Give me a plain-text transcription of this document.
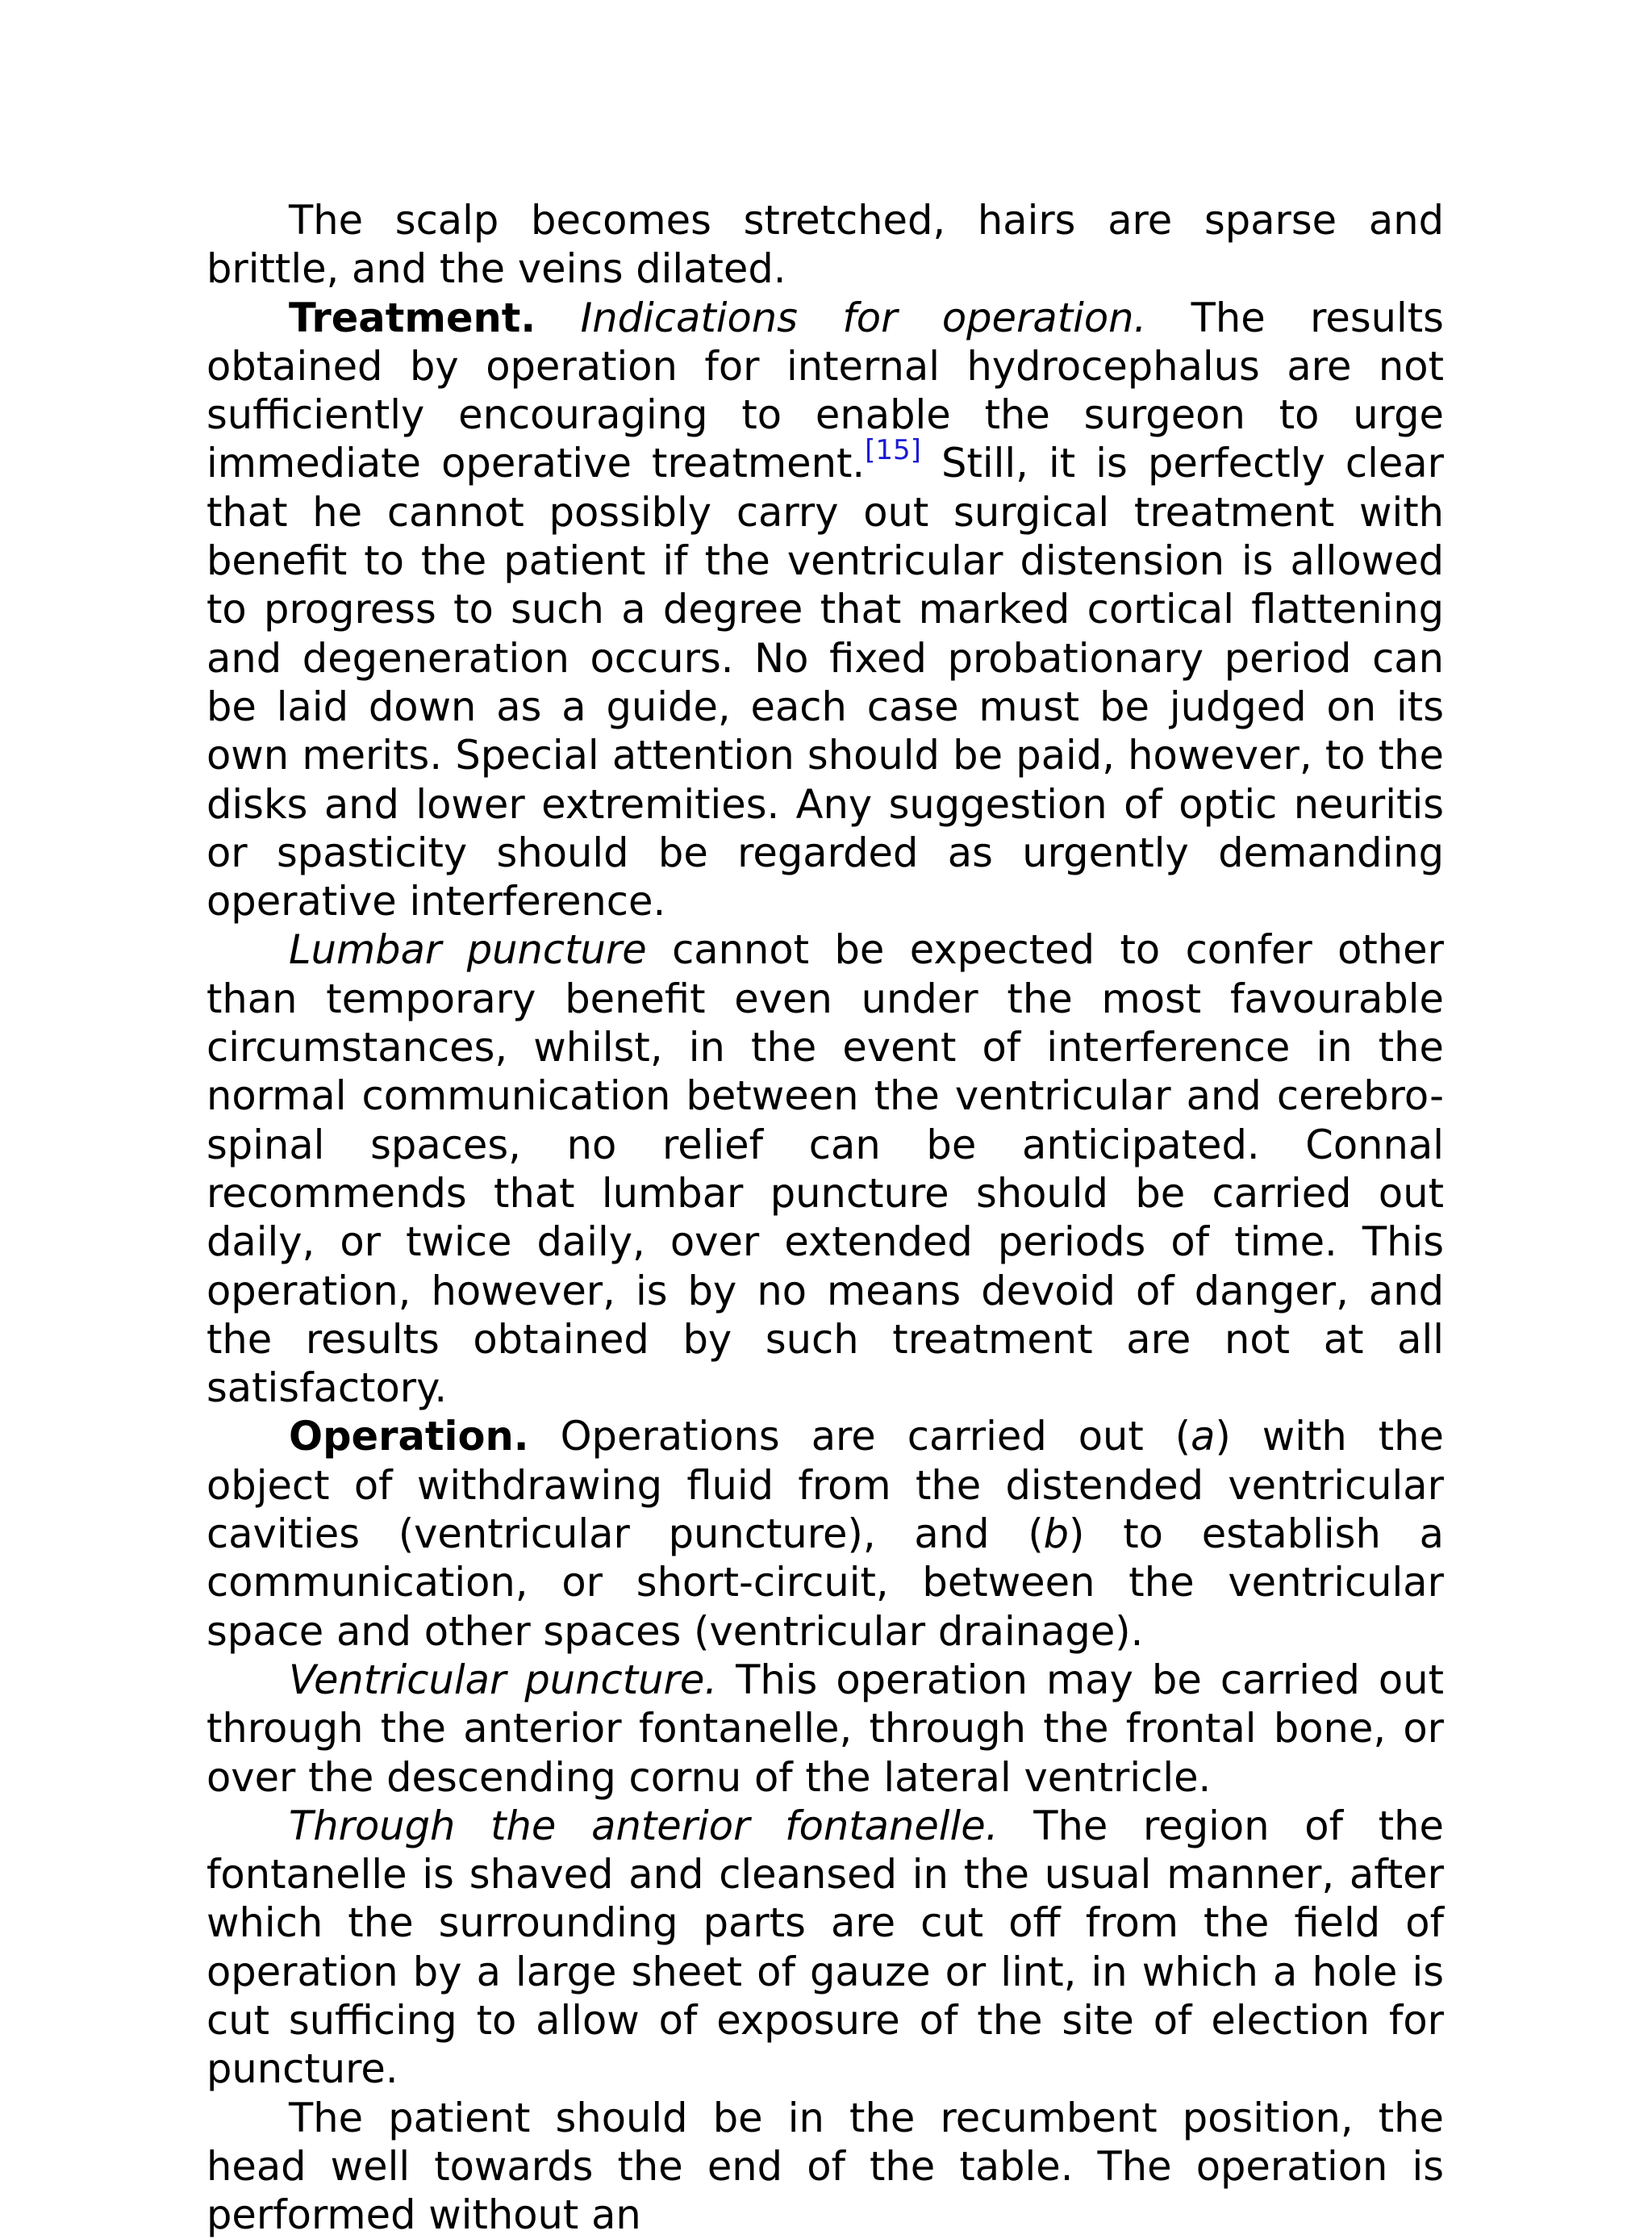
The scalp becomes stretched, hairs are sparse and brittle, and the veins dilated.

Treatment. Indications for operation. The results obtained by operation for internal hydrocephalus are not sufficiently encouraging to enable the surgeon to urge immediate operative treatment.[15] Still, it is perfectly clear that he cannot possibly carry out surgical treatment with benefit to the patient if the ventricular distension is allowed to progress to such a degree that marked cortical flattening and degeneration occurs. No fixed probationary period can be laid down as a guide, each case must be judged on its own merits. Special attention should be paid, however, to the disks and lower extremities. Any suggestion of optic neuritis or spasticity should be regarded as urgently demanding operative interference.

Lumbar puncture cannot be expected to confer other than temporary benefit even under the most favourable circumstances, whilst, in the event of interference in the normal communication between the ventricular and cerebro-spinal spaces, no relief can be anticipated. Connal recommends that lumbar puncture should be carried out daily, or twice daily, over extended periods of time. This operation, however, is by no means devoid of danger, and the results obtained by such treatment are not at all satisfactory.

Operation. Operations are carried out (a) with the object of withdrawing fluid from the distended ventricular cavities (ventricular puncture), and (b) to establish a communication, or short-circuit, between the ventricular space and other spaces (ventricular drainage).

Ventricular puncture. This operation may be carried out through the anterior fontanelle, through the frontal bone, or over the descending cornu of the lateral ventricle.

Through the anterior fontanelle. The region of the fontanelle is shaved and cleansed in the usual manner, after which the surrounding parts are cut off from the field of operation by a large sheet of gauze or lint, in which a hole is cut sufficing to allow of exposure of the site of election for puncture.

The patient should be in the recumbent position, the head well towards the end of the table. The operation is performed without an
